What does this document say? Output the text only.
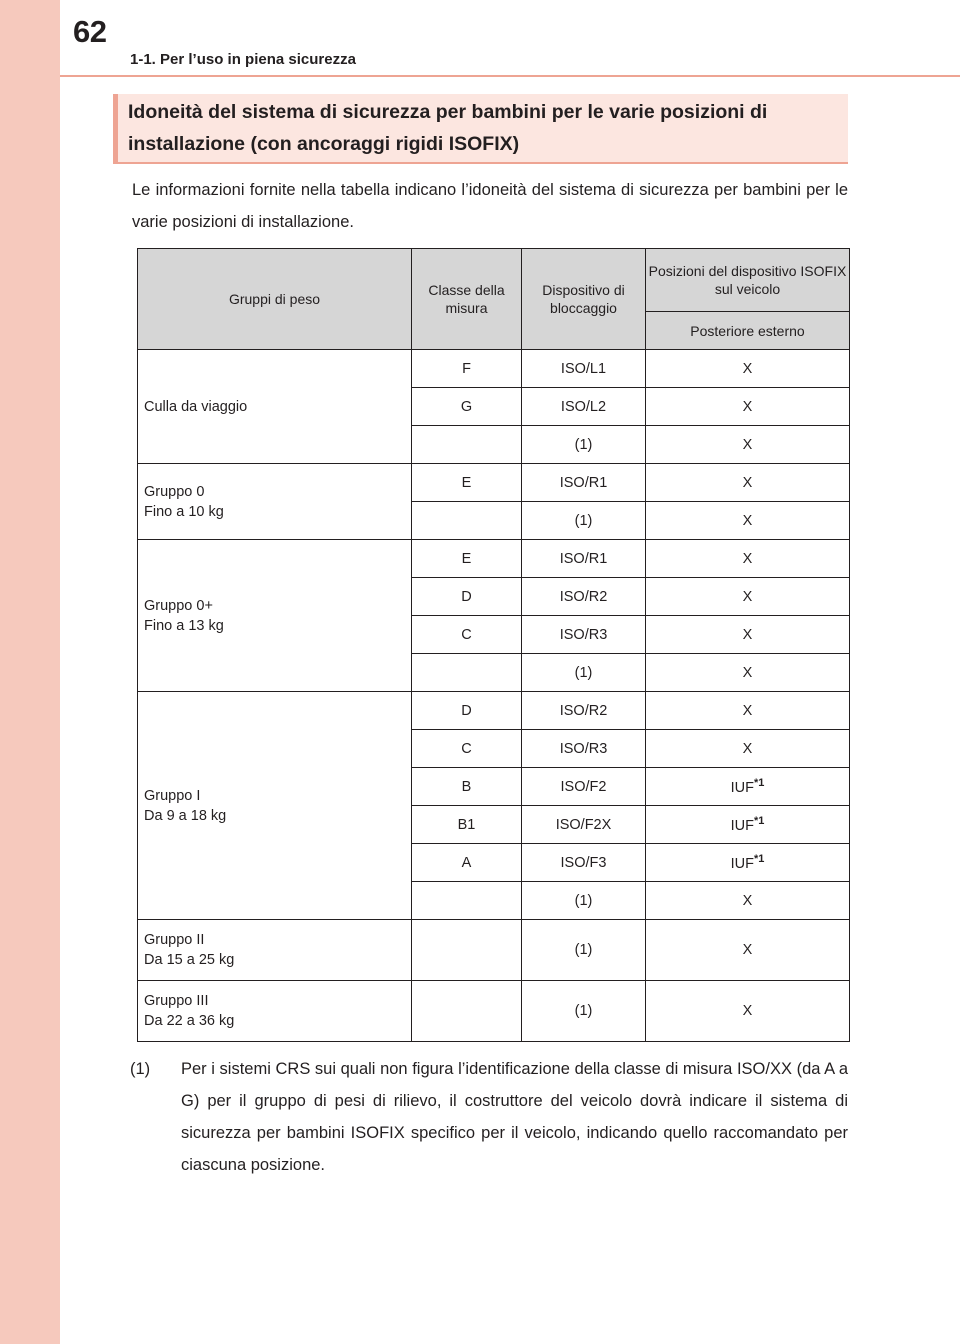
62
1-1. Per l’uso in piena sicurezza
Idoneità del sistema di sicurezza per bambini per le varie posizioni di installazione (con ancoraggi rigidi ISOFIX)
Le informazioni fornite nella tabella indicano l’idoneità del sistema di sicurezza per bambini per le varie posizioni di installazione.
Gruppi di peso	Classe della misura	Dispositivo di bloccaggio	Posizioni del dispositivo ISOFIX sul veicolo
			Posteriore esterno

Culla da viaggio	F	ISO/L1	X
	G	ISO/L2	X
		(1)	X

Gruppo 0
Fino a 10 kg	E	ISO/R1	X
		(1)	X

Gruppo 0+
Fino a 13 kg	E	ISO/R1	X
	D	ISO/R2	X
	C	ISO/R3	X
		(1)	X

Gruppo I
Da 9 a 18 kg	D	ISO/R2	X
	C	ISO/R3	X
	B	ISO/F2	IUF$^{*1}$
	B1	ISO/F2X	IUF$^{*1}$
	A	ISO/F3	IUF$^{*1}$
		(1)	X

Gruppo II
Da 15 a 25 kg		(1)	X

Gruppo III
Da 22 a 36 kg		(1)	X
(1) Per i sistemi CRS sui quali non figura l’identificazione della classe di misura ISO/XX (da A a G) per il gruppo di pesi di rilievo, il costruttore del veicolo dovrà indicare il sistema di sicurezza per bambini ISOFIX specifico per il veicolo, indicando quello raccomandato per ciascuna posizione.
